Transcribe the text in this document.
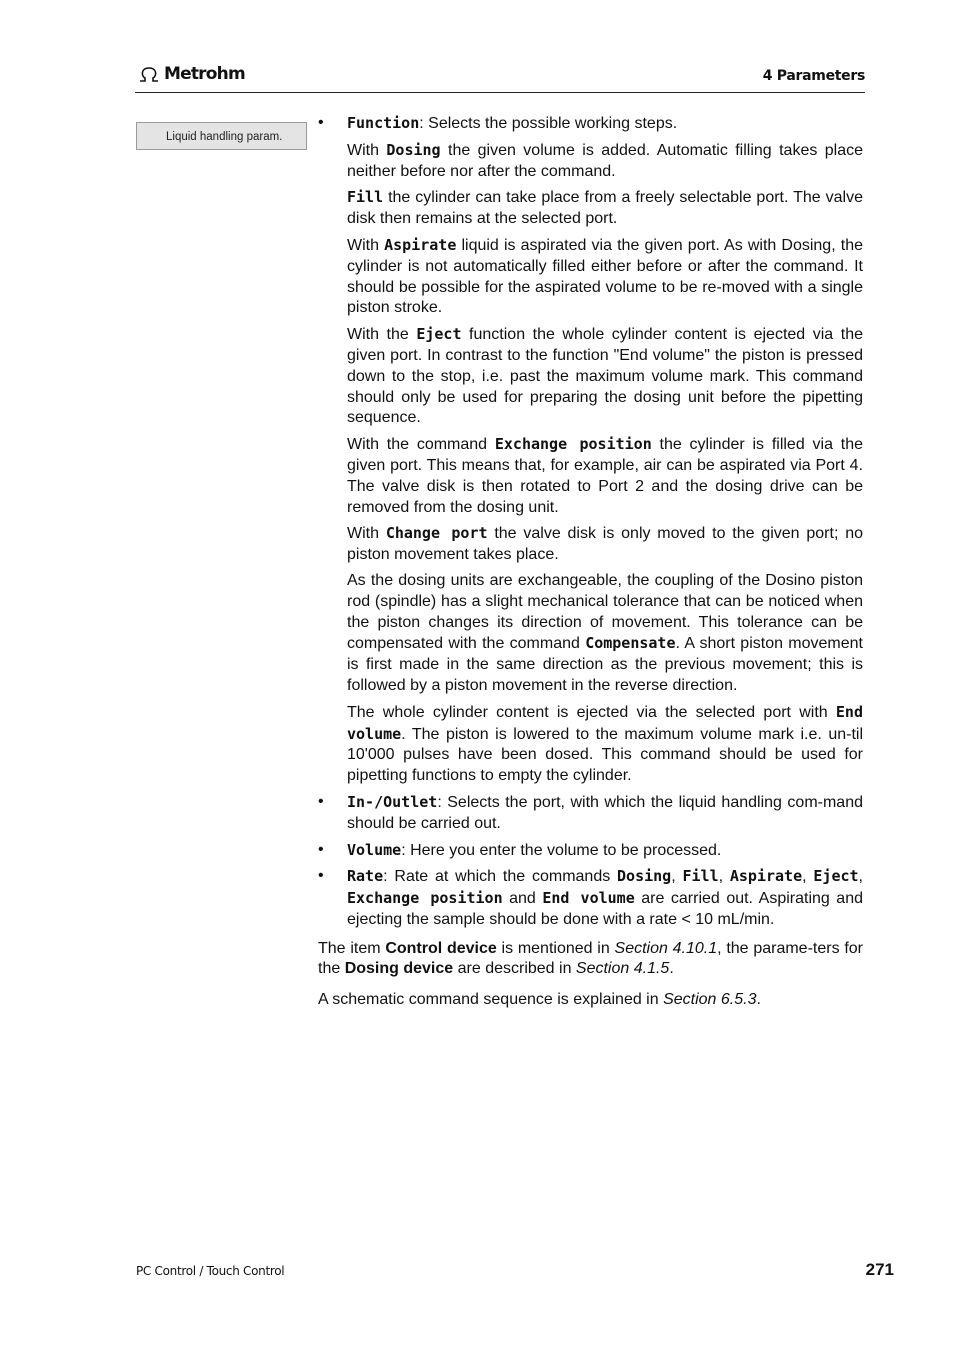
Metrohm	4 Parameters
Liquid handling param.
• Function: Selects the possible working steps.

With Dosing the given volume is added. Automatic filling takes place neither before nor after the command.

Fill the cylinder can take place from a freely selectable port. The valve disk then remains at the selected port.

With Aspirate liquid is aspirated via the given port. As with Dosing, the cylinder is not automatically filled either before or after the command. It should be possible for the aspirated volume to be re-moved with a single piston stroke.

With the Eject function the whole cylinder content is ejected via the given port. In contrast to the function "End volume" the piston is pressed down to the stop, i.e. past the maximum volume mark. This command should only be used for preparing the dosing unit before the pipetting sequence.

With the command Exchange position the cylinder is filled via the given port. This means that, for example, air can be aspirated via Port 4. The valve disk is then rotated to Port 2 and the dosing drive can be removed from the dosing unit.

With Change port the valve disk is only moved to the given port; no piston movement takes place.

As the dosing units are exchangeable, the coupling of the Dosino piston rod (spindle) has a slight mechanical tolerance that can be noticed when the piston changes its direction of movement. This tolerance can be compensated with the command Compensate. A short piston movement is first made in the same direction as the previous movement; this is followed by a piston movement in the reverse direction.

The whole cylinder content is ejected via the selected port with End volume. The piston is lowered to the maximum volume mark i.e. un-til 10'000 pulses have been dosed. This command should be used for pipetting functions to empty the cylinder.

• In-/Outlet: Selects the port, with which the liquid handling com-mand should be carried out.

• Volume: Here you enter the volume to be processed.

• Rate: Rate at which the commands Dosing, Fill, Aspirate, Eject, Exchange position and End volume are carried out. Aspirating and ejecting the sample should be done with a rate < 10 mL/min.

The item Control device is mentioned in Section 4.10.1, the parame-ters for the Dosing device are described in Section 4.1.5.

A schematic command sequence is explained in Section 6.5.3.

PC Control / Touch Control	271
